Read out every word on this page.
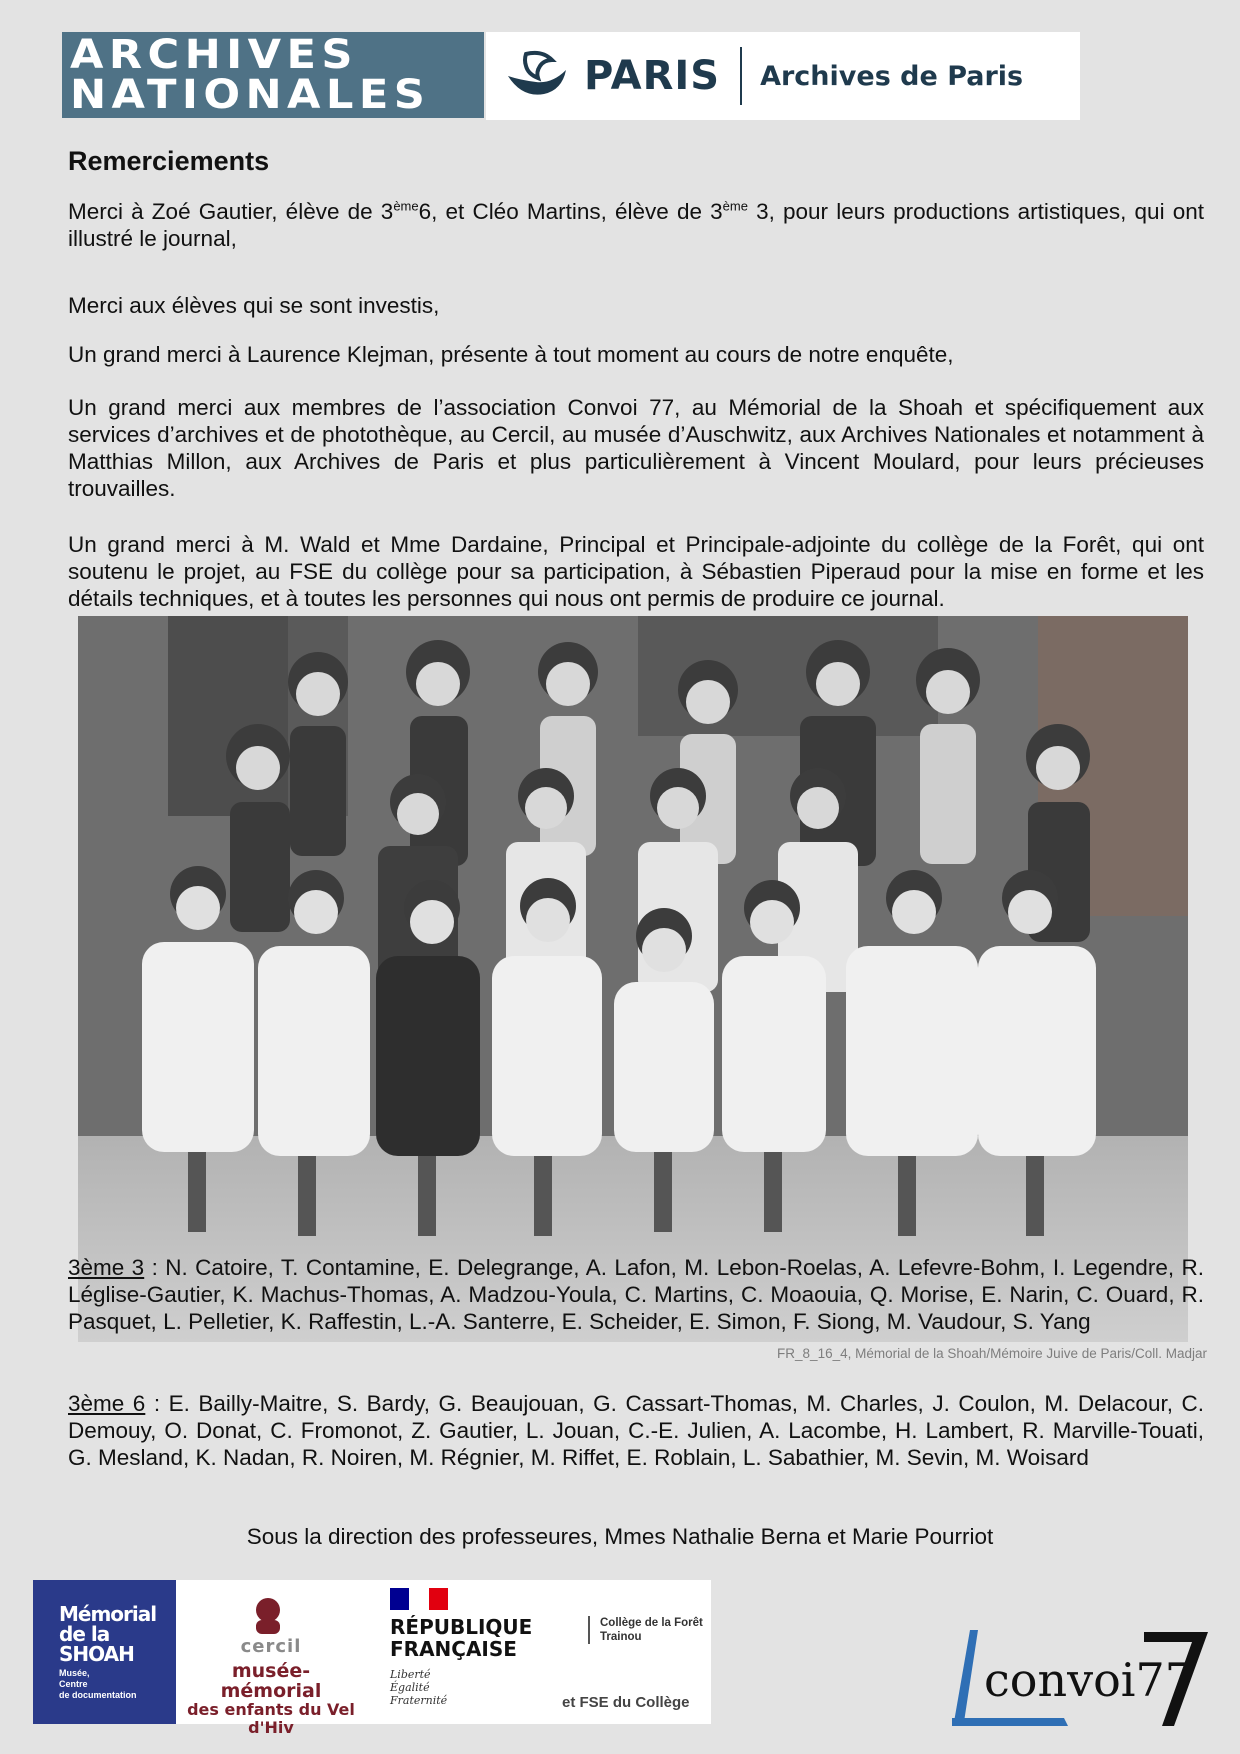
ARCHIVES
NATIONALES	PARIS Archives de Paris
Remerciements
Merci à Zoé Gautier, élève de 3ème6, et Cléo Martins, élève de 3ème 3, pour leurs productions artistiques, qui ont illustré le journal,
Merci aux élèves qui se sont investis,
Un grand merci à Laurence Klejman, présente à tout moment au cours de notre enquête,
Un grand merci aux membres de l’association Convoi 77, au Mémorial de la Shoah et spécifiquement aux services d’archives et de photothèque, au Cercil, au musée d’Auschwitz, aux Archives Nationales et notamment à Matthias Millon, aux Archives de Paris et plus particulièrement à Vincent Moulard, pour leurs précieuses trouvailles.
Un grand merci à M. Wald et Mme Dardaine, Principal et Principale-adjointe du collège de la Forêt, qui ont soutenu le projet, au FSE du collège pour sa participation, à Sébastien Piperaud pour la mise en forme et les détails techniques, et à toutes les personnes qui nous ont permis de produire ce journal.
3ème 3 : N. Catoire, T. Contamine, E. Delegrange, A. Lafon, M. Lebon-Roelas, A. Lefevre-Bohm, I. Legendre, R. Léglise-Gautier, K. Machus-Thomas, A. Madzou-Youla, C. Martins, C. Moaouia, Q. Morise, E. Narin, C. Ouard, R. Pasquet, L. Pelletier, K. Raffestin, L.-A. Santerre, E. Scheider, E. Simon, F. Siong, M. Vaudour, S. Yang
FR_8_16_4, Mémorial de la Shoah/Mémoire Juive de Paris/Coll. Madjar
3ème 6 : E. Bailly-Maitre, S. Bardy, G. Beaujouan, G. Cassart-Thomas, M. Charles, J. Coulon, M. Delacour, C. Demouy, O. Donat, C. Fromonot, Z. Gautier, L. Jouan, C.-E. Julien, A. Lacombe, H. Lambert, R. Marville-Touati, G. Mesland, K. Nadan, R. Noiren, M. Régnier, M. Riffet, E. Roblain, L. Sabathier, M. Sevin, M. Woisard
Sous la direction des professeures, Mmes Nathalie Berna et Marie Pourriot
Mémorial
de la SHOAH
Musée,
Centre
de documentation
cercil
musée-mémorial
des enfants du Vel d'Hiv
RÉPUBLIQUE
FRANÇAISE
Liberté
Égalité
Fraternité
Collège de la Forêt
Trainou
et FSE du Collège	convoi77
